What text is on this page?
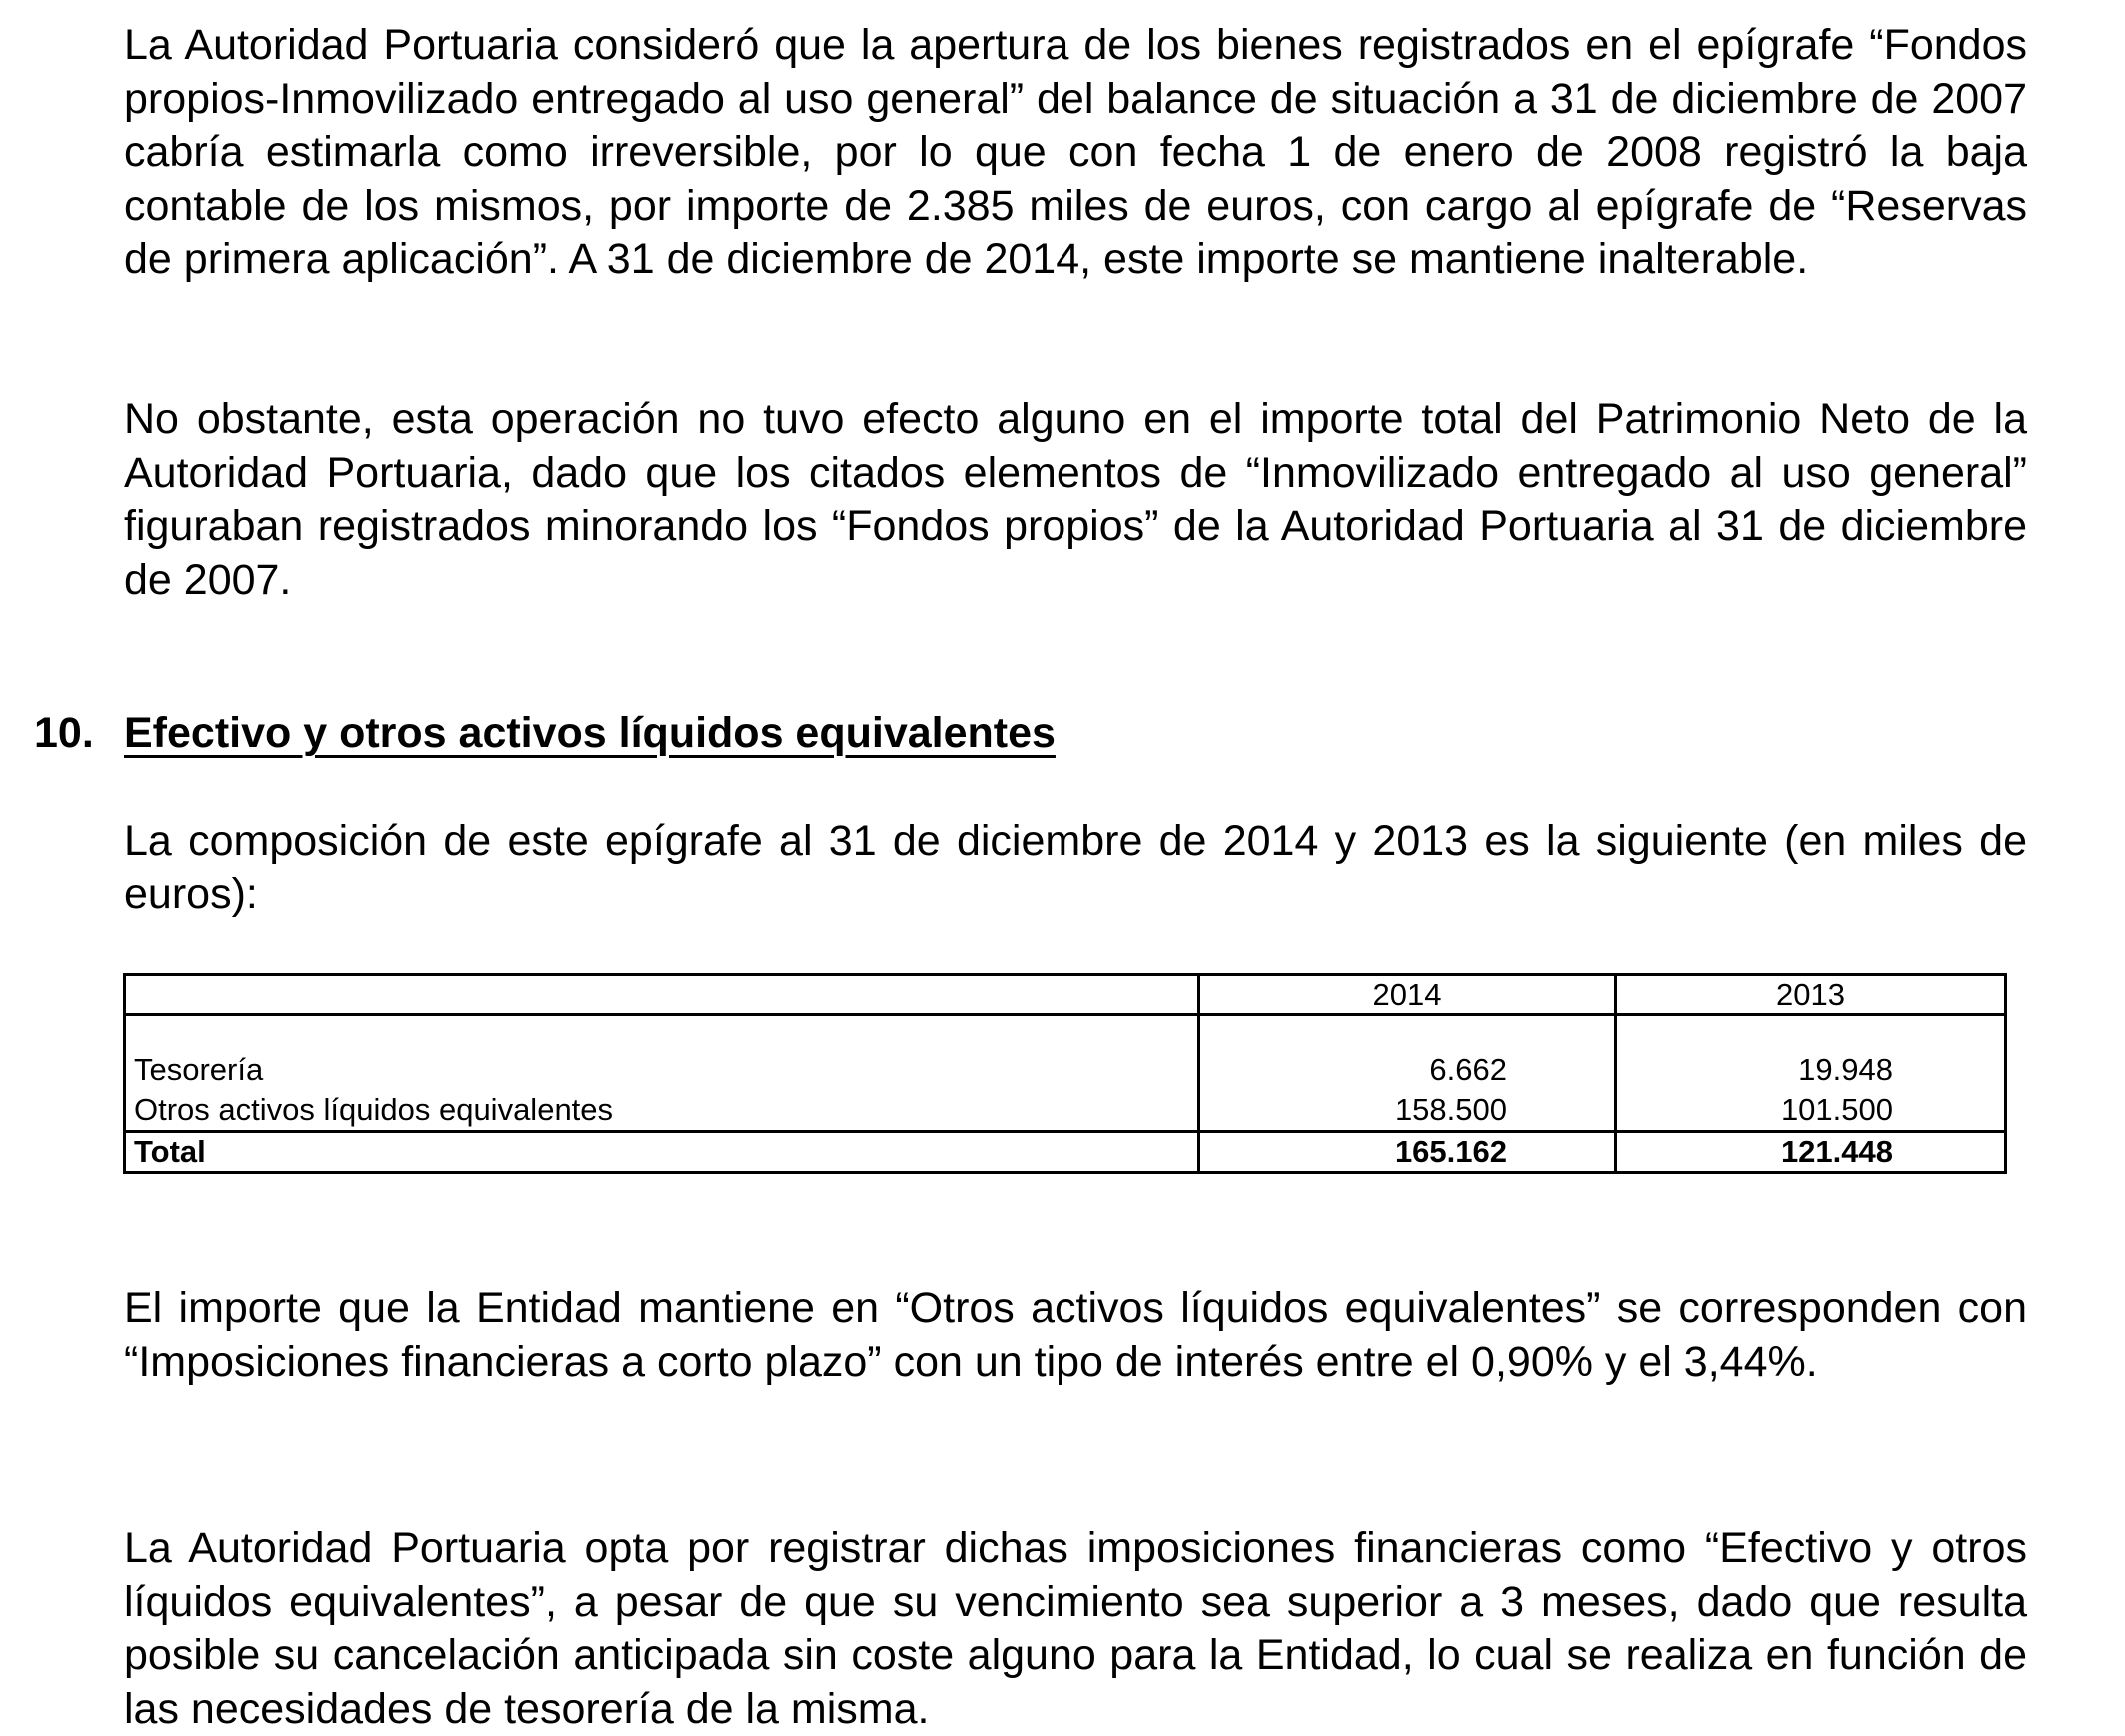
La Autoridad Portuaria consideró que la apertura de los bienes registrados en el epígrafe “Fondos propios-Inmovilizado entregado al uso general” del balance de situación a 31 de diciembre de 2007 cabría estimarla como irreversible, por lo que con fecha 1 de enero de 2008 registró la baja contable de los mismos, por importe de 2.385 miles de euros, con cargo al epígrafe de “Reservas de primera aplicación”. A 31 de diciembre de 2014, este importe se mantiene inalterable.

No obstante, esta operación no tuvo efecto alguno en el importe total del Patrimonio Neto de la Autoridad Portuaria, dado que los citados elementos de “Inmovilizado entregado al uso general” figuraban registrados minorando los “Fondos propios” de la Autoridad Portuaria al 31 de diciembre de 2007.

10. Efectivo y otros activos líquidos equivalentes

La composición de este epígrafe al 31 de diciembre de 2014 y 2013 es la siguiente (en miles de euros):

	2014	2013

Tesorería	6.662	19.948
Otros activos líquidos equivalentes	158.500	101.500
Total	165.162	121.448

El importe que la Entidad mantiene en “Otros activos líquidos equivalentes” se corresponden con “Imposiciones financieras a corto plazo” con un tipo de interés entre el 0,90% y el 3,44%.

La Autoridad Portuaria opta por registrar dichas imposiciones financieras como “Efectivo y otros líquidos equivalentes”, a pesar de que su vencimiento sea superior a 3 meses, dado que resulta posible su cancelación anticipada sin coste alguno para la Entidad, lo cual se realiza en función de las necesidades de tesorería de la misma.
